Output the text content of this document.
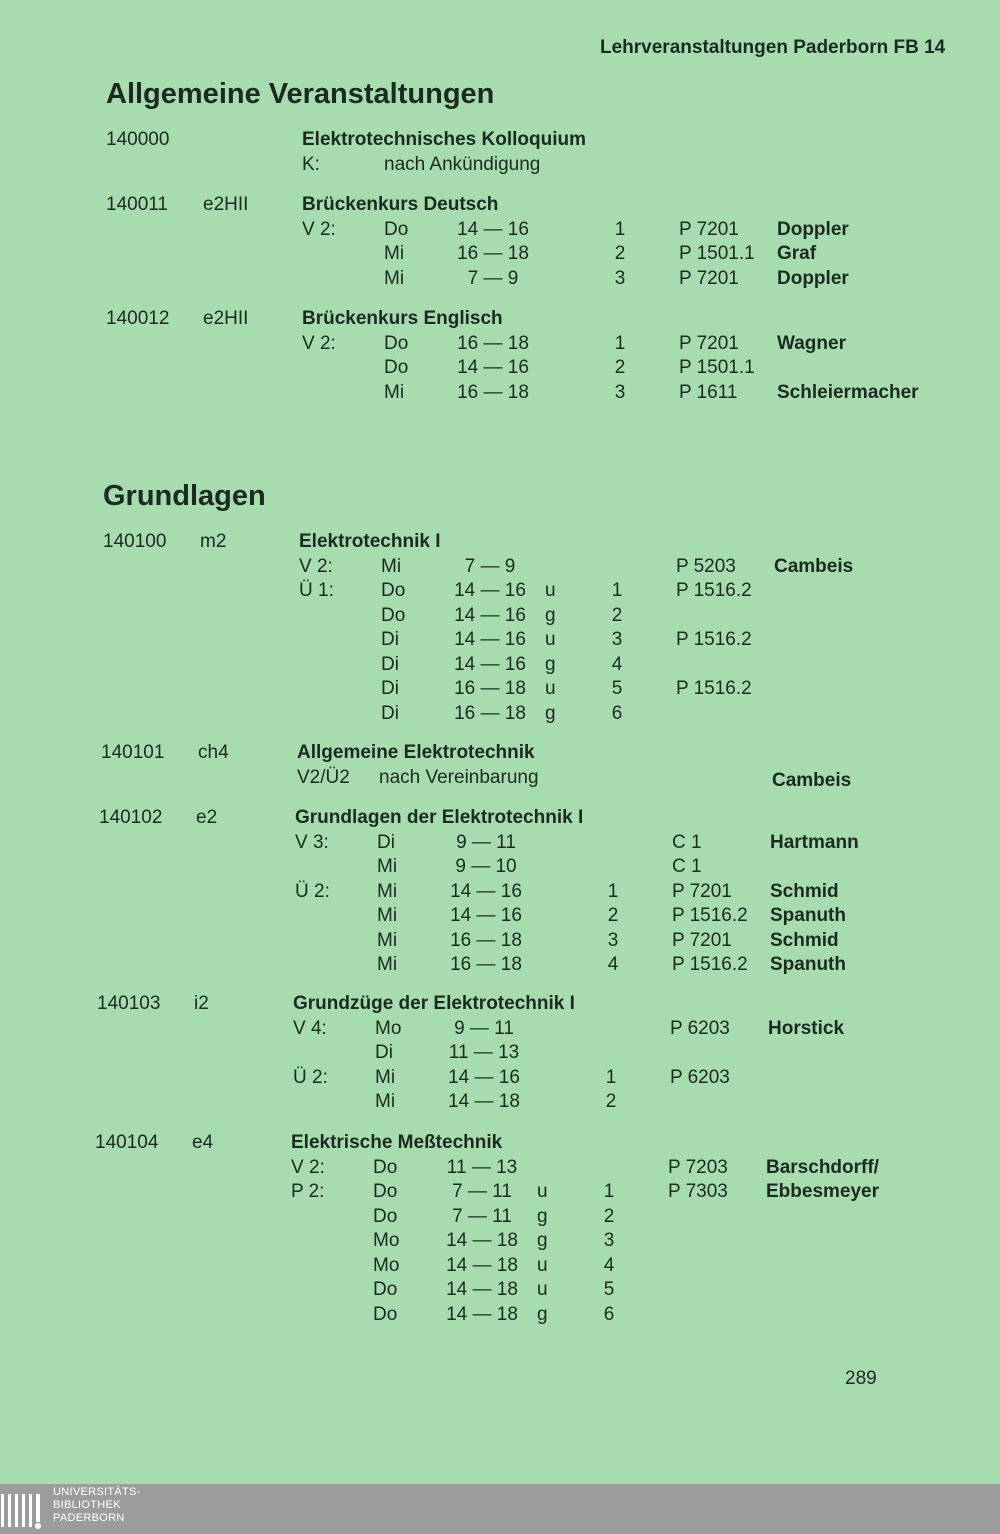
Lehrveranstaltungen Paderborn FB 14
Allgemeine Veranstaltungen
140000	Elektrotechnisches Kolloquium
K:	nach Ankündigung
140011 e2HII	Brückenkurs Deutsch
V 2:	Do	14 — 16	1	P 7201 Doppler
Mi	16 — 18	2	P 1501.1 Graf
Mi	7 — 9	3	P 7201 Doppler
140012 e2HII	Brückenkurs Englisch
V 2:	Do	16 — 18	1	P 7201 Wagner
Do	14 — 16	2	P 1501.1
Mi	16 — 18	3	P 1611 Schleiermacher
Grundlagen
140100 m2	Elektrotechnik I
V 2:	Mi	7 — 9	P 5203 Cambeis
Ü 1: Do	14 — 16	u	1	P 1516.2
Do	14 — 16	g	2
Di	14 — 16	u	3	P 1516.2
Di	14 — 16	g	4
Di	16 — 18	u	5	P 1516.2
Di	16 — 18	g	6
140101 ch4	Allgemeine Elektrotechnik
V2/Ü2 nach Vereinbarung	Cambeis
140102 e2	Grundlagen der Elektrotechnik I
V 3:	Di	9 — 11	C 1	Hartmann
Mi	9 — 10	C 1
Ü 2: Mi	14 — 16	1	P 7201 Schmid
Mi	14 — 16	2	P 1516.2 Spanuth
Mi	16 — 18	3	P 7201 Schmid
Mi	16 — 18	4	P 1516.2 Spanuth
140103 i2	Grundzüge der Elektrotechnik I
V 4:	Mo	9 — 11	P 6203 Horstick
Di	11 — 13
Ü 2: Mi	14 — 16	1	P 6203
Mi	14 — 18	2
140104 e4	Elektrische Meßtechnik
V 2:	Do	11 — 13	P 7203 Barschdorff/
P 2:	Do	7 — 11	u	1	P 7303 Ebbesmeyer
Do	7 — 11	g	2
Mo	14 — 18	g	3
Mo	14 — 18	u	4
Do	14 — 18	u	5
Do	14 — 18	g	6
289
UNIVERSITÄTS-
BIBLIOTHEK
PADERBORN
